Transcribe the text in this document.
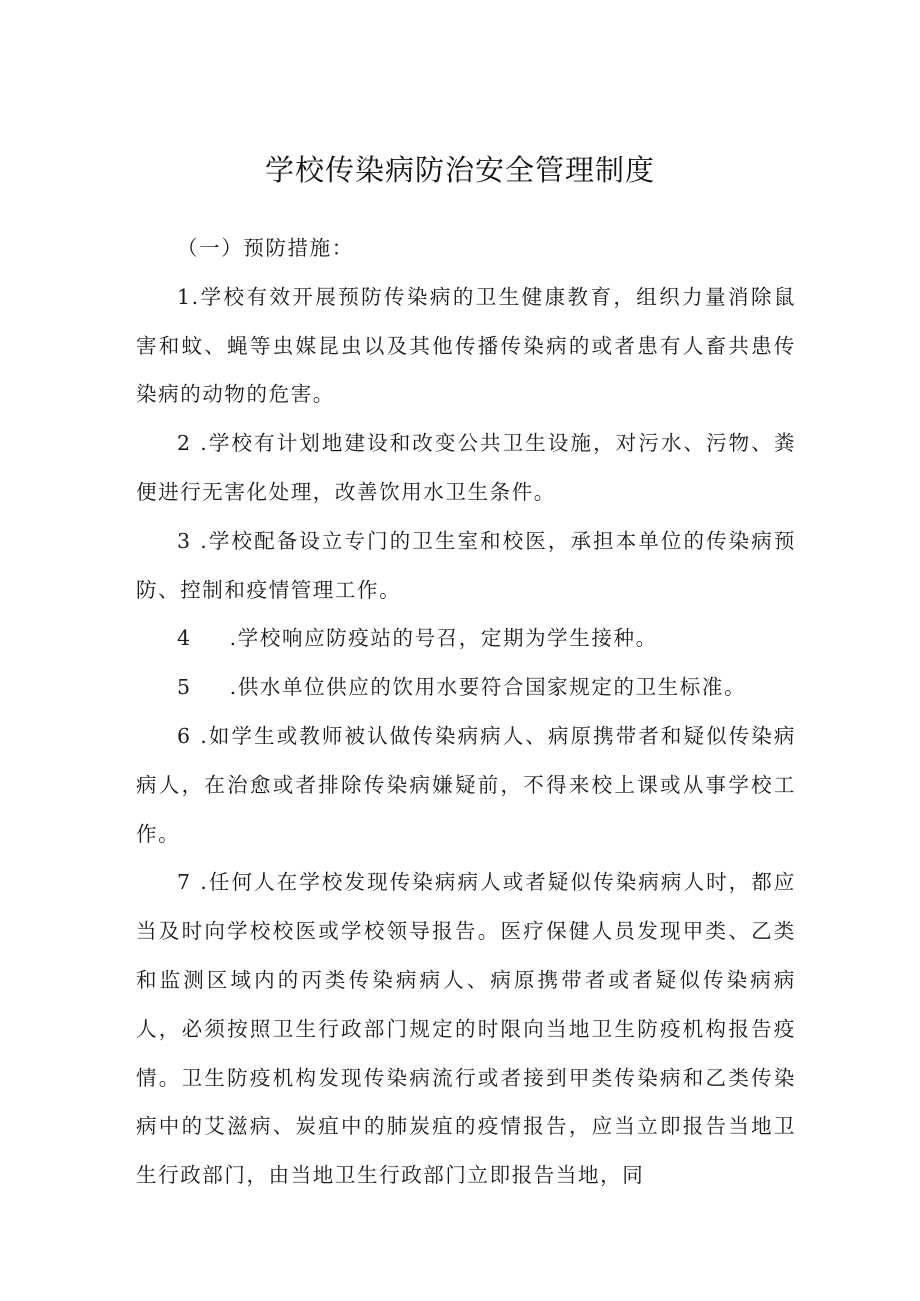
学校传染病防治安全管理制度

（一）预防措施：

1.学校有效开展预防传染病的卫生健康教育，组织力量消除鼠害和蚊、蝇等虫媒昆虫以及其他传播传染病的或者患有人畜共患传染病的动物的危害。

2 .学校有计划地建设和改变公共卫生设施，对污水、污物、粪便进行无害化处理，改善饮用水卫生条件。

3 .学校配备设立专门的卫生室和校医，承担本单位的传染病预防、控制和疫情管理工作。

4 .学校响应防疫站的号召，定期为学生接种。

5 .供水单位供应的饮用水要符合国家规定的卫生标准。

6 .如学生或教师被认做传染病病人、病原携带者和疑似传染病病人，在治愈或者排除传染病嫌疑前，不得来校上课或从事学校工作。

7 .任何人在学校发现传染病病人或者疑似传染病病人时，都应当及时向学校校医或学校领导报告。医疗保健人员发现甲类、乙类和监测区域内的丙类传染病病人、病原携带者或者疑似传染病病人，必须按照卫生行政部门规定的时限向当地卫生防疫机构报告疫情。卫生防疫机构发现传染病流行或者接到甲类传染病和乙类传染病中的艾滋病、炭疽中的肺炭疽的疫情报告，应当立即报告当地卫生行政部门，由当地卫生行政部门立即报告当地，同
